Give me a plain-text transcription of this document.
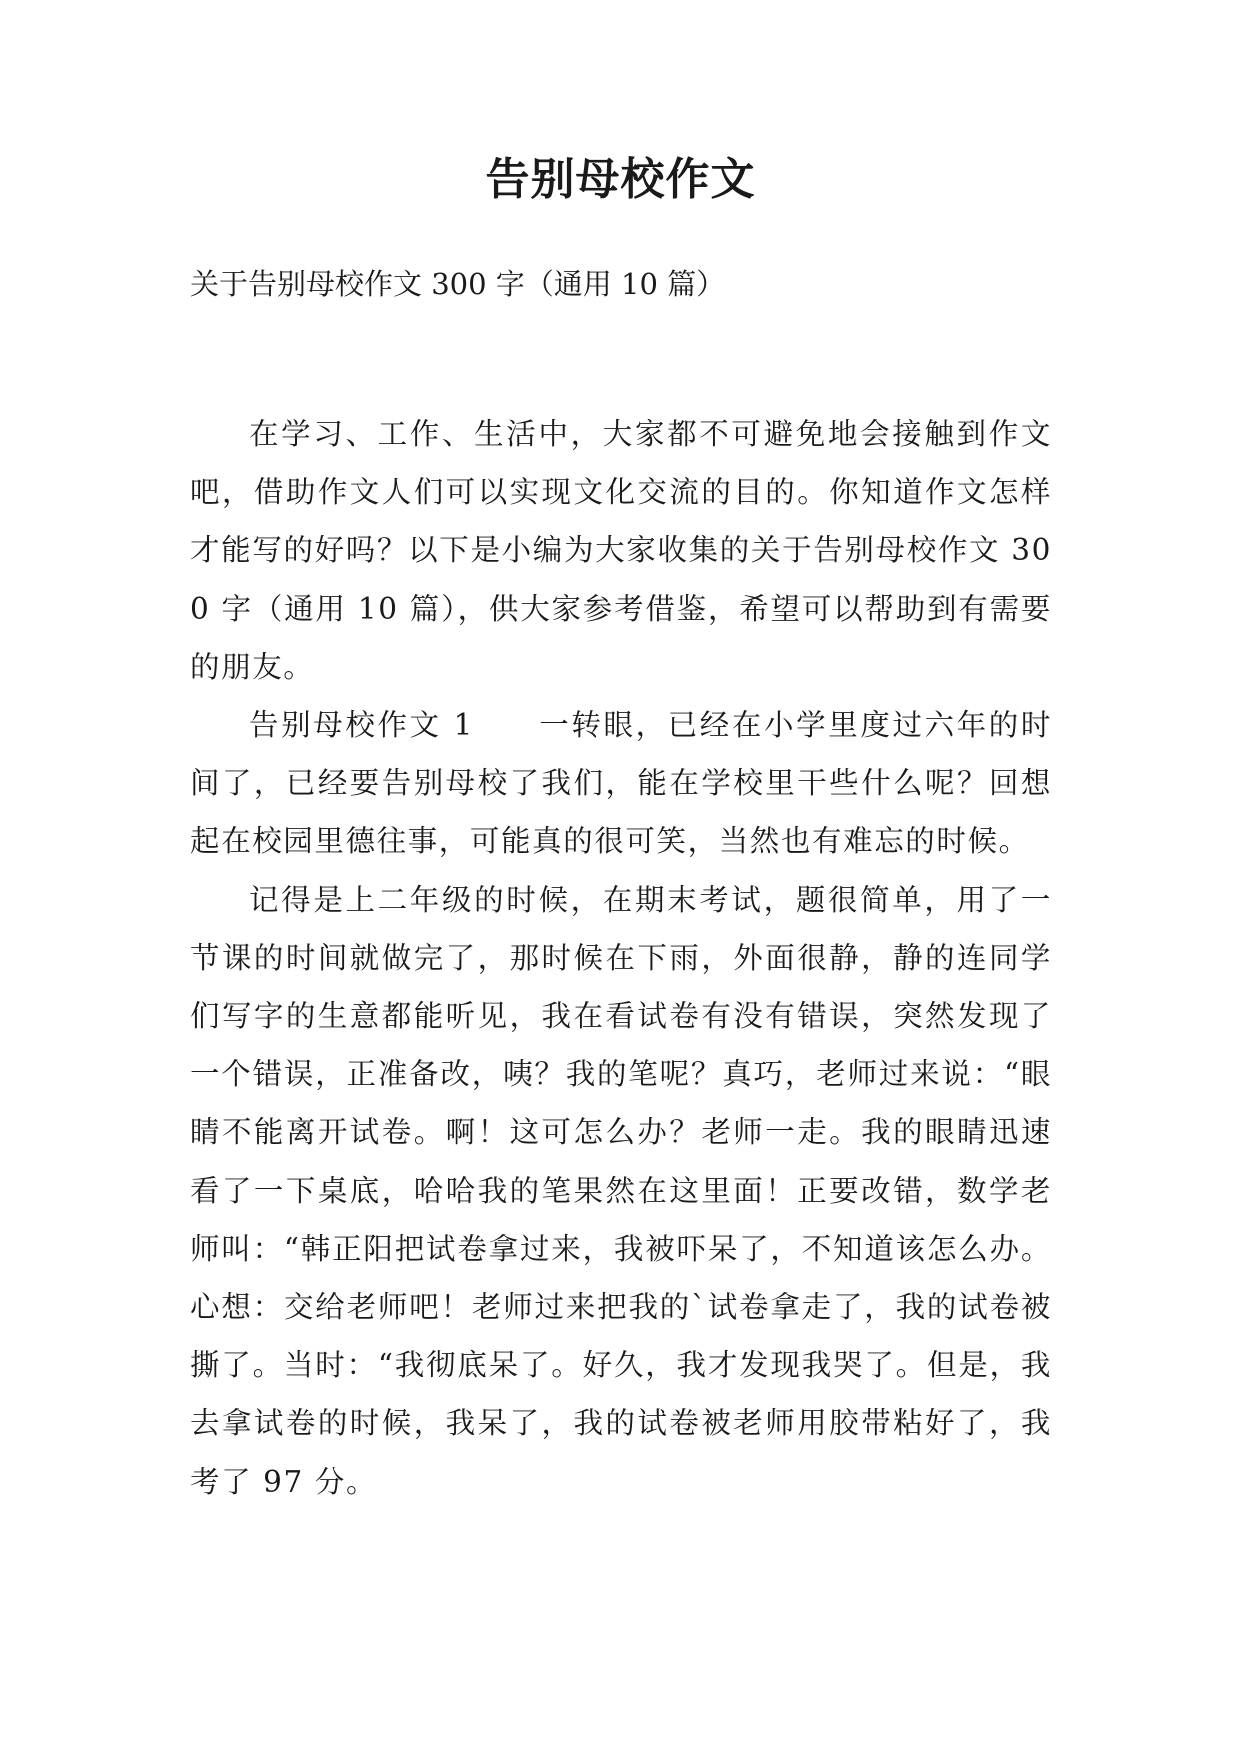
告别母校作文

关于告别母校作文 300 字（通用 10 篇）

在学习、工作、生活中，大家都不可避免地会接触到作文吧，借助作文人们可以实现文化交流的目的。你知道作文怎样才能写的好吗？以下是小编为大家收集的关于告别母校作文 300 字（通用 10 篇），供大家参考借鉴，希望可以帮助到有需要的朋友。

告别母校作文 1　　一转眼，已经在小学里度过六年的时间了，已经要告别母校了我们，能在学校里干些什么呢？回想起在校园里德往事，可能真的很可笑，当然也有难忘的时候。

记得是上二年级的时候，在期末考试，题很简单，用了一节课的时间就做完了，那时候在下雨，外面很静，静的连同学们写字的生意都能听见，我在看试卷有没有错误，突然发现了一个错误，正准备改，咦？我的笔呢？真巧，老师过来说：“眼睛不能离开试卷。啊！这可怎么办？老师一走。我的眼睛迅速看了一下桌底，哈哈我的笔果然在这里面！正要改错，数学老师叫：“韩正阳把试卷拿过来，我被吓呆了，不知道该怎么办。心想：交给老师吧！老师过来把我的`试卷拿走了，我的试卷被撕了。当时：“我彻底呆了。好久，我才发现我哭了。但是，我去拿试卷的时候，我呆了，我的试卷被老师用胶带粘好了，我考了 97 分。
